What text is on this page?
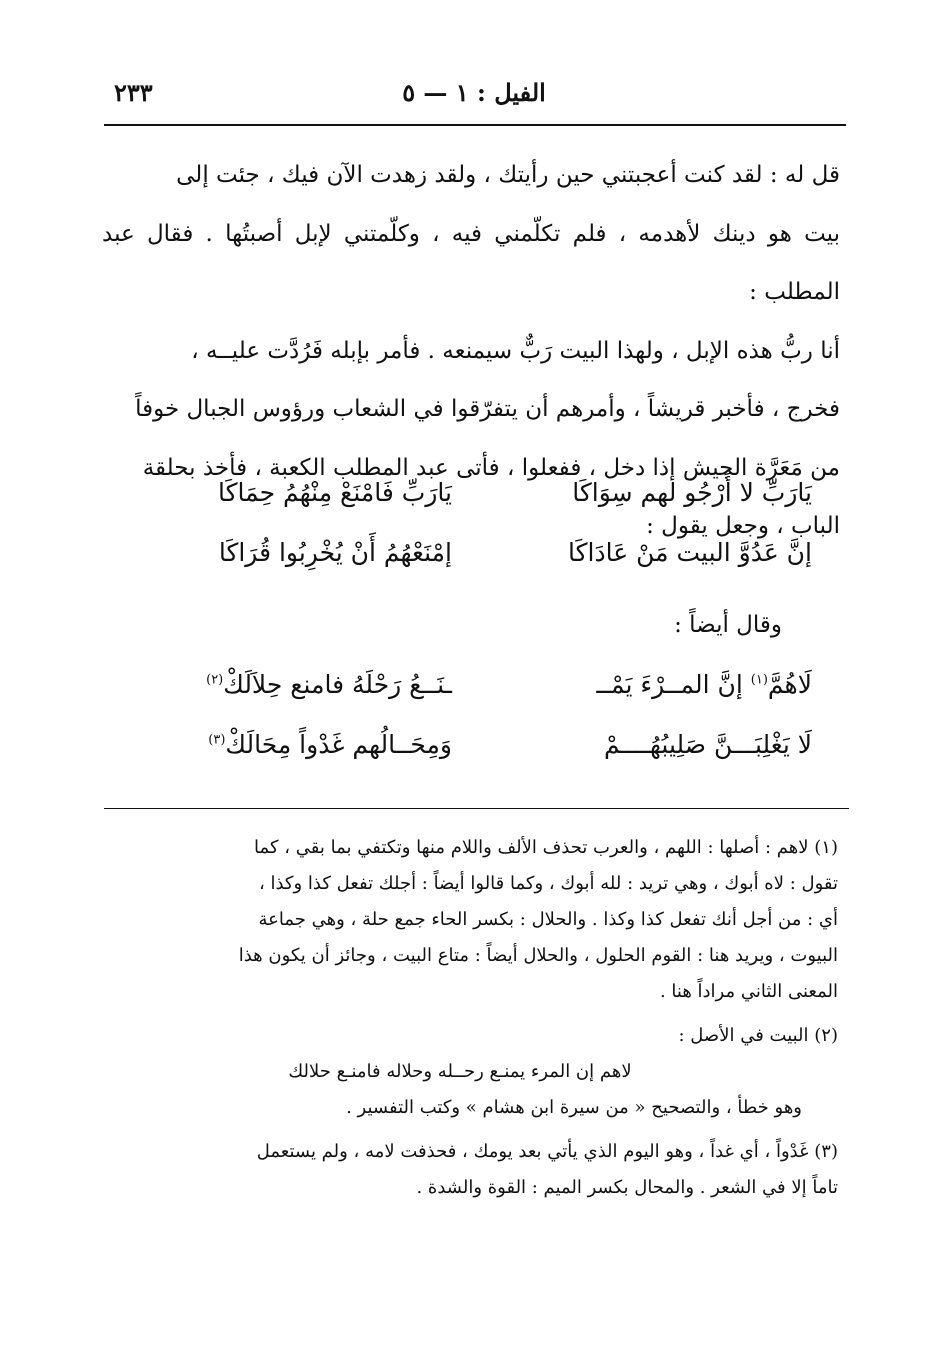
الفيل : ١ — ٥
٢٣٣

قل له : لقد كنت أعجبتني حين رأيتك ، ولقد زهدت الآن فيك ، جئت إلى

بيت هو دينك لأهدمه ، فلم تكلّمني فيه ، وكلّمتني لإبل أصبتُها . فقال عبد المطلب :

أنا ربُّ هذه الإبل ، ولهذا البيت رَبٌّ سيمنعه . فأمر بإبله فَرُدَّت عليــه ،

فخرج ، فأخبر قريشاً ، وأمرهم أن يتفرّقوا في الشعاب ورؤوس الجبال خوفاً

من مَعَرَّة الجيش إذا دخل ، ففعلوا ، فأتى عبد المطلب الكعبة ، فأخذ بحلقة

الباب ، وجعل يقول :

يَارَبِّ لا أَرْجُو لهم سِوَاكَا
يَارَبِّ فَامْنَعْ مِنْهُمُ حِمَاكَا
إنَّ عَدُوَّ البيت مَنْ عَادَاكَا
إمْنَعْهُمُ أَنْ يُخْرِبُوا قُرَاكَا
وقال أيضاً :
لَاهُمَّ$^{(١)}$ إنَّ المــرْءَ يَمْــ
ـنَــعُ رَحْلَهُ فامنع حِلاَلَكْ$^{(٢)}$
لَا يَغْلِبَـــنَّ صَلِيبُهُــــمْ
وَمِحَــالُهم غَدْواً مِحَالَكْ$^{(٣)}$

(١) لاهم : أصلها : اللهم ، والعرب تحذف الألف واللام منها وتكتفي بما بقي ، كما

تقول : لاه أبوك ، وهي تريد : لله أبوك ، وكما قالوا أيضاً : أجلك تفعل كذا وكذا ،

أي : من أجل أنك تفعل كذا وكذا . والحلال : بكسر الحاء جمع حلة ، وهي جماعة

البيوت ، ويريد هنا : القوم الحلول ، والحلال أيضاً : متاع البيت ، وجائز أن يكون هذا

المعنى الثاني مراداً هنا .

(٢) البيت في الأصل :

لاهم إن المرء يمنـع رحــله وحلاله فامنـع حلالك

وهو خطأ ، والتصحيح « من سيرة ابن هشام » وكتب التفسير .

(٣) غَدْواً ، أي غداً ، وهو اليوم الذي يأتي بعد يومك ، فحذفت لامه ، ولم يستعمل

تاماً إلا في الشعر . والمحال بكسر الميم : القوة والشدة .
